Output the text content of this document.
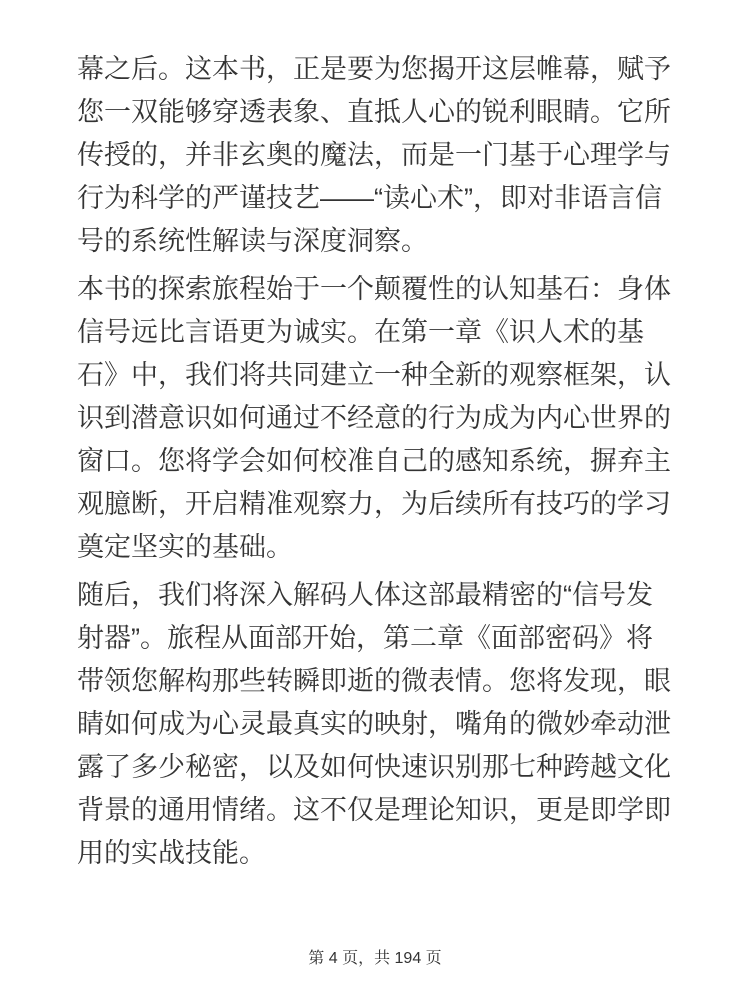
幕之后。这本书，正是要为您揭开这层帷幕，赋予您一双能够穿透表象、直抵人心的锐利眼睛。它所传授的，并非玄奥的魔法，而是一门基于心理学与行为科学的严谨技艺——“读心术”，即对非语言信号的系统性解读与深度洞察。

本书的探索旅程始于一个颠覆性的认知基石：身体信号远比言语更为诚实。在第一章《识人术的基石》中，我们将共同建立一种全新的观察框架，认识到潜意识如何通过不经意的行为成为内心世界的窗口。您将学会如何校准自己的感知系统，摒弃主观臆断，开启精准观察力，为后续所有技巧的学习奠定坚实的基础。

随后，我们将深入解码人体这部最精密的“信号发射器”。旅程从面部开始，第二章《面部密码》将带领您解构那些转瞬即逝的微表情。您将发现，眼睛如何成为心灵最真实的映射，嘴角的微妙牵动泄露了多少秘密，以及如何快速识别那七种跨越文化背景的通用情绪。这不仅是理论知识，更是即学即用的实战技能。

第 4 页，共 194 页
